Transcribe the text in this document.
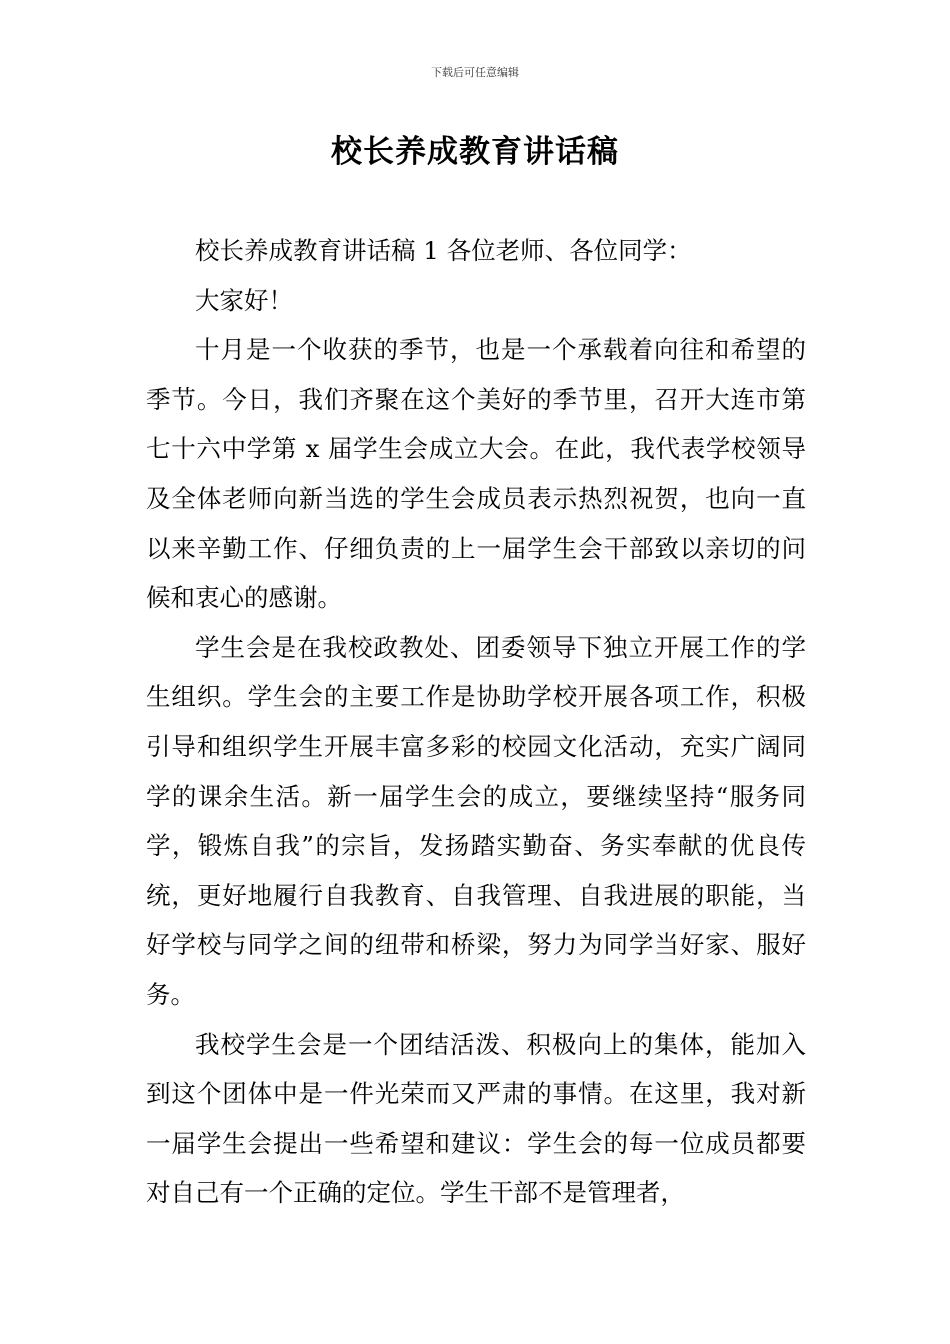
下载后可任意编辑
校长养成教育讲话稿

校长养成教育讲话稿 1 各位老师、各位同学：

大家好！

十月是一个收获的季节，也是一个承载着向往和希望的季节。今日，我们齐聚在这个美好的季节里，召开大连市第七十六中学第 x 届学生会成立大会。在此，我代表学校领导及全体老师向新当选的学生会成员表示热烈祝贺，也向一直以来辛勤工作、仔细负责的上一届学生会干部致以亲切的问候和衷心的感谢。

学生会是在我校政教处、团委领导下独立开展工作的学生组织。学生会的主要工作是协助学校开展各项工作，积极引导和组织学生开展丰富多彩的校园文化活动，充实广阔同学的课余生活。新一届学生会的成立，要继续坚持“服务同学，锻炼自我”的宗旨，发扬踏实勤奋、务实奉献的优良传统，更好地履行自我教育、自我管理、自我进展的职能，当好学校与同学之间的纽带和桥梁，努力为同学当好家、服好务。

我校学生会是一个团结活泼、积极向上的集体，能加入到这个团体中是一件光荣而又严肃的事情。在这里，我对新一届学生会提出一些希望和建议：学生会的每一位成员都要对自己有一个正确的定位。学生干部不是管理者，
